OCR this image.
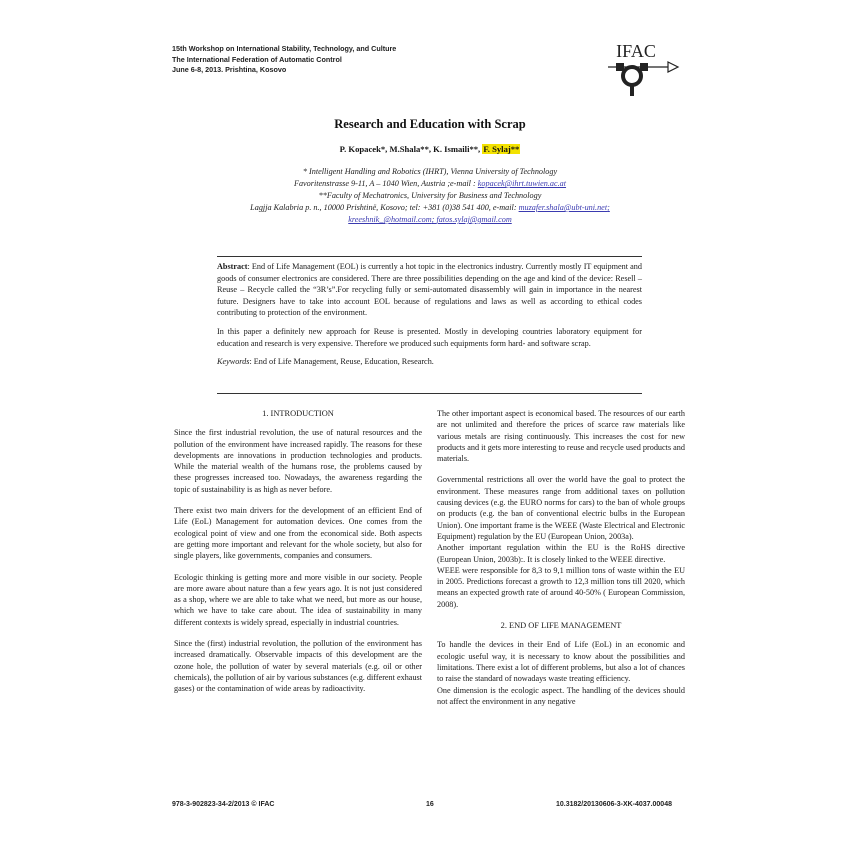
15th Workshop on International Stability, Technology, and Culture
The International Federation of Automatic Control
June 6-8, 2013. Prishtina, Kosovo
IFAC
Research and Education with Scrap
P. Kopacek*, M.Shala**, K. Ismaili**, F. Sylaj**
* Intelligent Handling and Robotics (IHRT), Vienna University of Technology
Favoritenstrasse 9-11, A – 1040 Wien, Austria ;e-mail : kopacek@ihrt.tuwien.ac.at
**Faculty of Mechatronics, University for Business and Technology
Lagjja Kalabria p. n., 10000 Prishtinë, Kosovo; tel: +381 (0)38 541 400, e-mail: muzafer.shala@ubt-uni.net;
kreeshnik_@hotmail.com; fatos.sylaj@gmail.com

Abstract: End of Life Management (EOL) is currently a hot topic in the electronics industry. Currently mostly IT equipment and goods of consumer electronics are considered. There are three possibilities depending on the age and kind of the device: Resell – Reuse – Recycle called the “3R’s”.For recycling fully or semi-automated disassembly will gain in importance in the nearest future. Designers have to take into account EOL because of regulations and laws as well as according to ethical codes contributing to protection of the environment.

In this paper a definitely new approach for Reuse is presented. Mostly in developing countries laboratory equipment for education and research is very expensive. Therefore we produced such equipments form hard- and software scrap.

Keywords: End of Life Management, Reuse, Education, Research.

1. INTRODUCTION

Since the first industrial revolution, the use of natural resources and the pollution of the environment have increased rapidly. The reasons for these developments are innovations in production technologies and products. While the material wealth of the humans rose, the problems caused by these progresses increased too. Nowadays, the awareness regarding the topic of sustainability is as high as never before.

There exist two main drivers for the development of an efficient End of Life (EoL) Management for automation devices. One comes from the ecological point of view and one from the economical side. Both aspects are getting more important and relevant for the whole society, but also for single players, like governments, companies and consumers.

Ecologic thinking is getting more and more visible in our society. People are more aware about nature than a few years ago. It is not just considered as a shop, where we are able to take what we need, but more as our house, which we have to take care about. The idea of sustainability in many different contexts is widely spread, especially in industrial countries.

Since the (first) industrial revolution, the pollution of the environment has increased dramatically. Observable impacts of this development are the ozone hole, the pollution of water by several materials (e.g. oil or other chemicals), the pollution of air by various substances (e.g. different exhaust gases) or the contamination of wide areas by radioactivity.

The other important aspect is economical based. The resources of our earth are not unlimited and therefore the prices of scarce raw materials like various metals are rising continuously. This increases the cost for new products and it gets more interesting to reuse and recycle used products and materials.

Governmental restrictions all over the world have the goal to protect the environment. These measures range from additional taxes on pollution causing devices (e.g. the EURO norms for cars) to the ban of whole groups on products (e.g. the ban of conventional electric bulbs in the European Union). One important frame is the WEEE (Waste Electrical and Electronic Equipment) regulation by the EU (European Union, 2003a).

Another important regulation within the EU is the RoHS directive (European Union, 2003b):. It is closely linked to the WEEE directive.

WEEE were responsible for 8,3 to 9,1 million tons of waste within the EU in 2005. Predictions forecast a growth to 12,3 million tons till 2020, which means an expected growth rate of around 40-50% ( European Commission, 2008).

2. END OF LIFE MANAGEMENT

To handle the devices in their End of Life (EoL) in an economic and ecologic useful way, it is necessary to know about the possibilities and limitations. There exist a lot of different problems, but also a lot of chances to raise the standard of nowadays waste treating efficiency.

One dimension is the ecologic aspect. The handling of the devices should not affect the environment in any negative

978-3-902823-34-2/2013 © IFAC	16	10.3182/20130606-3-XK-4037.00048
